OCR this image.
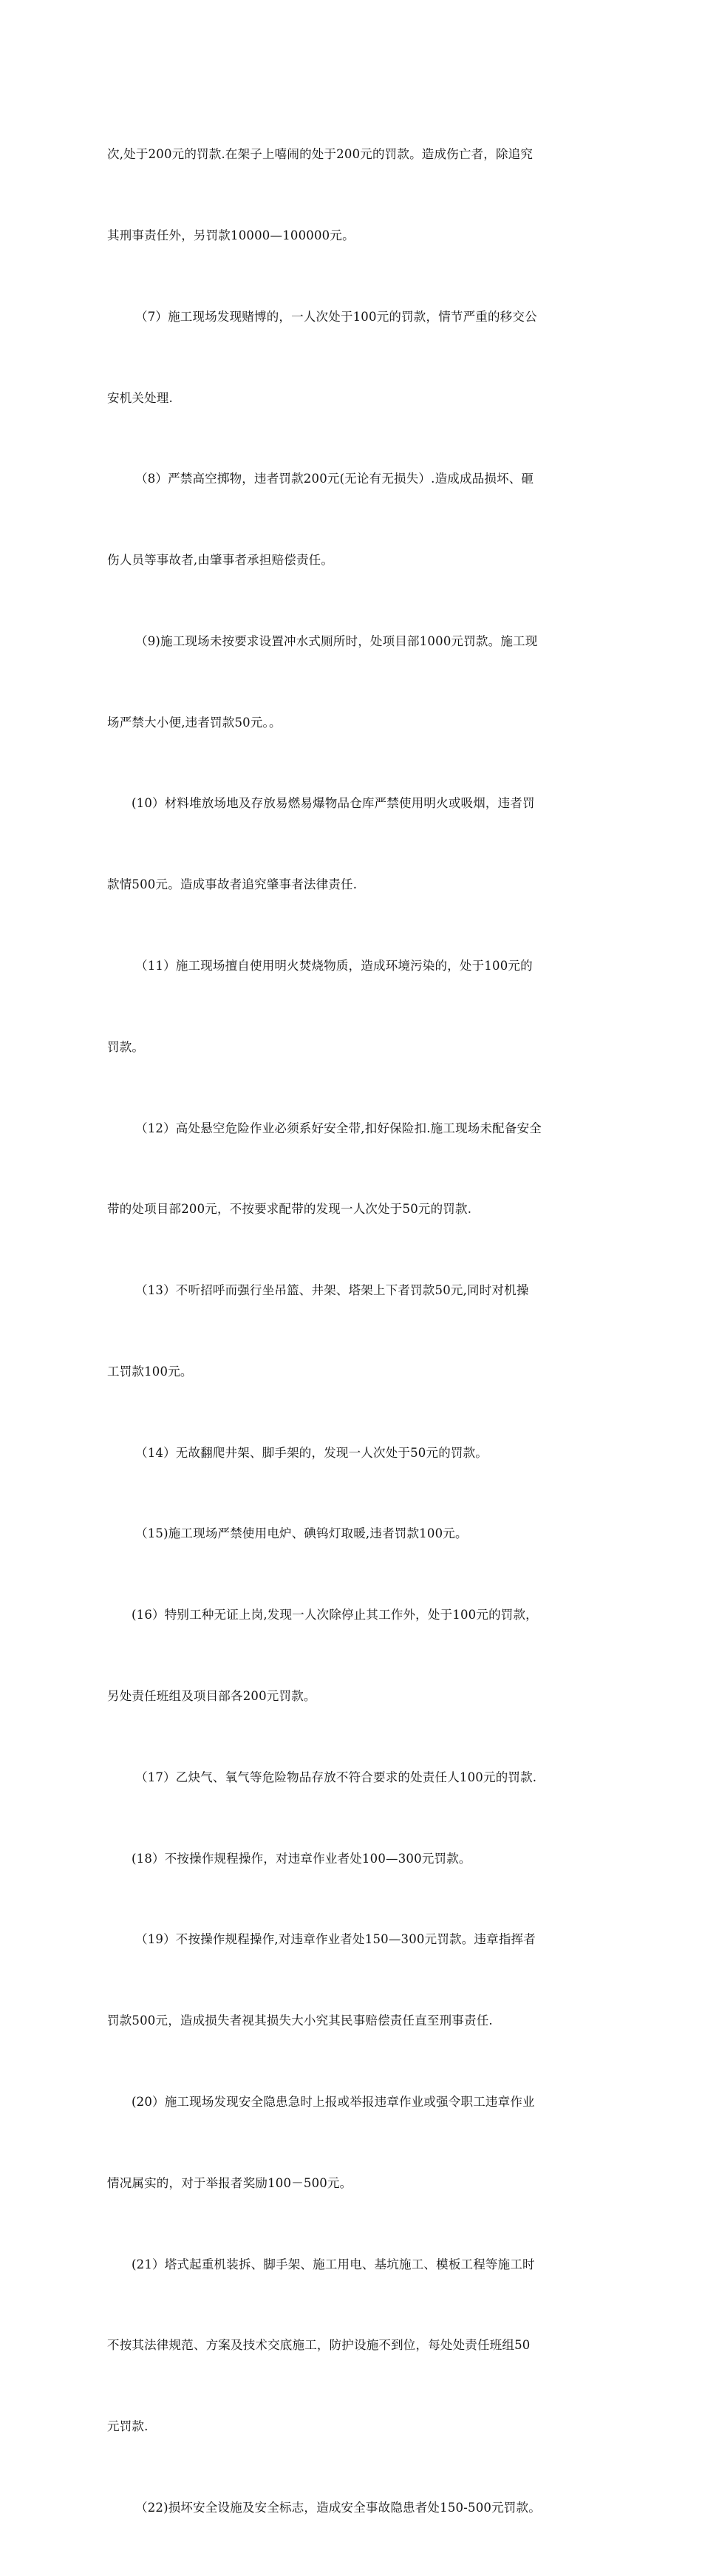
次,处于200元的罚款.在架子上嘻闹的处于200元的罚款。造成伤亡者，除追究

其刑事责任外，另罚款10000—100000元。

（7）施工现场发现赌博的，一人次处于100元的罚款，情节严重的移交公

安机关处理.

（8）严禁高空掷物，违者罚款200元(无论有无损失）.造成成品损坏、砸

伤人员等事故者,由肇事者承担赔偿责任。

（9)施工现场未按要求设置冲水式厕所时，处项目部1000元罚款。施工现

场严禁大小便,违者罚款50元。。

(10）材料堆放场地及存放易燃易爆物品仓库严禁使用明火或吸烟，违者罚

款情500元。造成事故者追究肇事者法律责任.

（11）施工现场擅自使用明火焚烧物质，造成环境污染的，处于100元的

罚款。

（12）高处悬空危险作业必须系好安全带,扣好保险扣.施工现场未配备安全

带的处项目部200元，不按要求配带的发现一人次处于50元的罚款.

（13）不听招呼而强行坐吊篮、井架、塔架上下者罚款50元,同时对机操

工罚款100元。

（14）无故翻爬井架、脚手架的，发现一人次处于50元的罚款。

（15)施工现场严禁使用电炉、碘钨灯取暖,违者罚款100元。

(16）特别工种无证上岗,发现一人次除停止其工作外，处于100元的罚款，

另处责任班组及项目部各200元罚款。

（17）乙炔气、氧气等危险物品存放不符合要求的处责任人100元的罚款.

(18）不按操作规程操作，对违章作业者处100—300元罚款。

（19）不按操作规程操作,对违章作业者处150—300元罚款。违章指挥者

罚款500元，造成损失者视其损失大小究其民事赔偿责任直至刑事责任.

(20）施工现场发现安全隐患急时上报或举报违章作业或强令职工违章作业

情况属实的，对于举报者奖励100－500元。

(21）塔式起重机装拆、脚手架、施工用电、基坑施工、模板工程等施工时

不按其法律规范、方案及技术交底施工，防护设施不到位，每处处责任班组50

元罚款.

（22)损坏安全设施及安全标志，造成安全事故隐患者处150-500元罚款。
